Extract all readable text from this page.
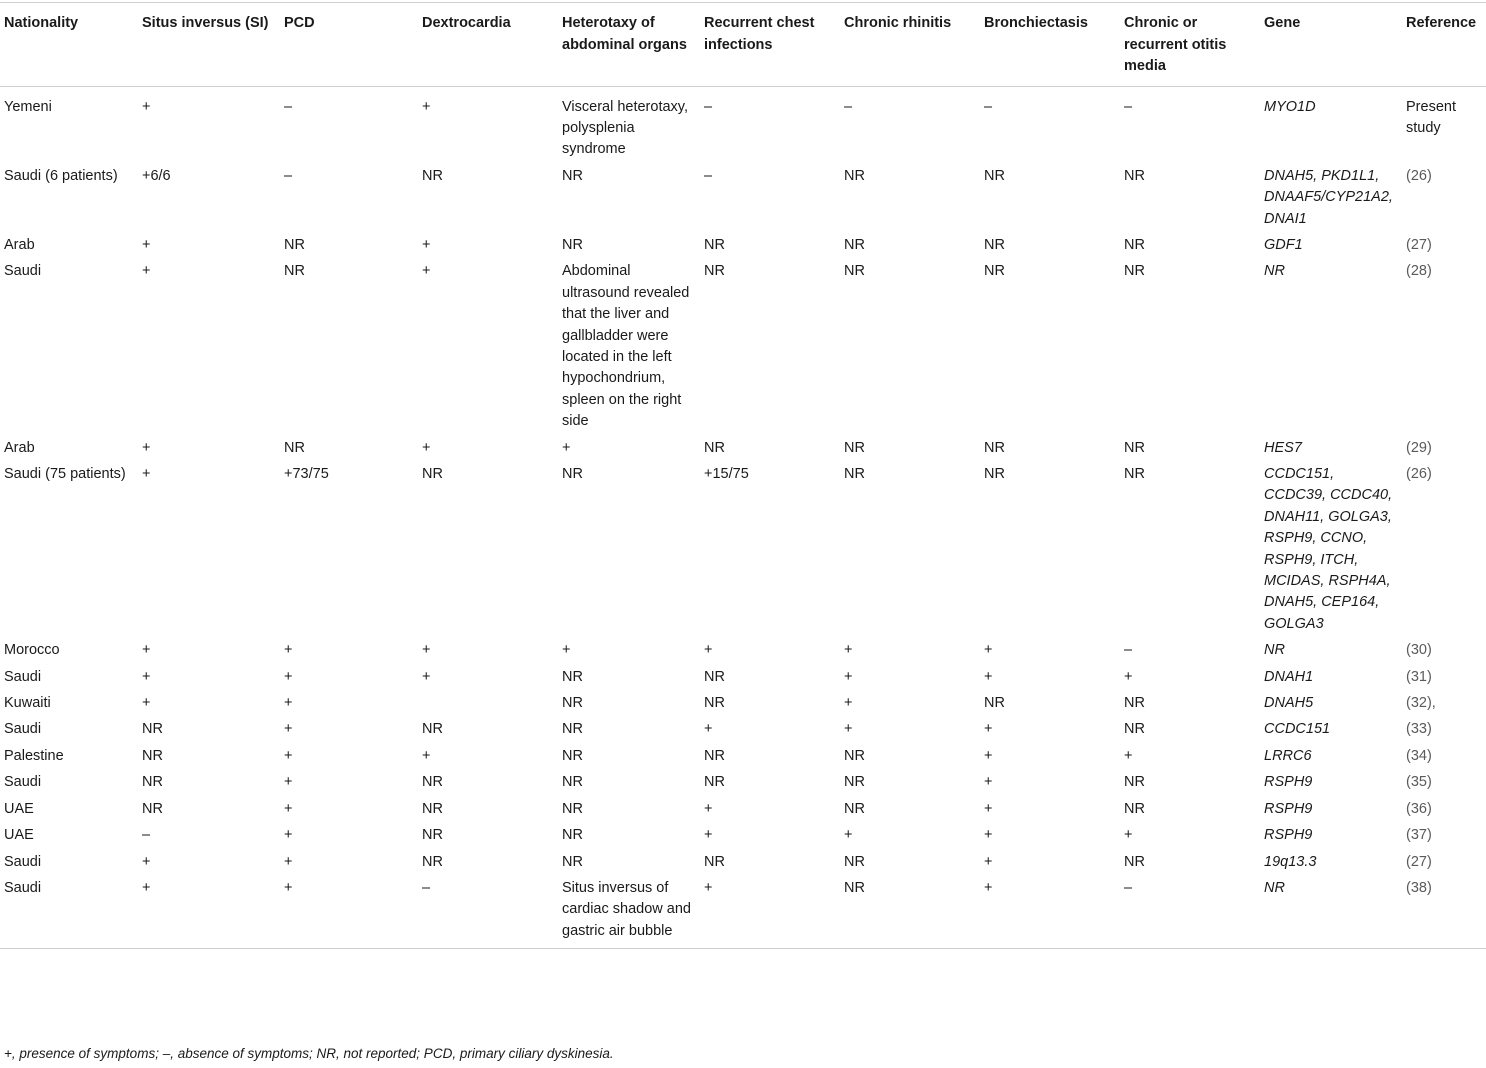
Nationality	Situs inversus (SI)	PCD	Dextrocardia	Heterotaxy of abdominal organs	Recurrent chest infections	Chronic rhinitis	Bronchiectasis	Chronic or recurrent otitis media	Gene	Reference
Yemeni	+	–	+	Visceral heterotaxy, polysplenia syndrome	–	–	–	–	MYO1D	Present study
Saudi (6 patients)	+6/6	–	NR	NR	–	NR	NR	NR	DNAH5, PKD1L1, DNAAF5/CYP21A2, DNAI1	(26)
Arab	+	NR	+	NR	NR	NR	NR	NR	GDF1	(27)
Saudi	+	NR	+	Abdominal ultrasound revealed that the liver and gallbladder were located in the left hypochondrium, spleen on the right side	NR	NR	NR	NR	NR	(28)
Arab	+	NR	+	+	NR	NR	NR	NR	HES7	(29)
Saudi (75 patients)	+	+73/75	NR	NR	+15/75	NR	NR	NR	CCDC151, CCDC39, CCDC40, DNAH11, GOLGA3, RSPH9, CCNO, RSPH9, ITCH, MCIDAS, RSPH4A, DNAH5, CEP164, GOLGA3	(26)
Morocco	+	+	+	+	+	+	+	–	NR	(30)
Saudi	+	+	+	NR	NR	+	+	+	DNAH1	(31)
Kuwaiti	+	+		NR	NR	+	NR	NR	DNAH5	(32),
Saudi	NR	+	NR	NR	+	+	+	NR	CCDC151	(33)
Palestine	NR	+	+	NR	NR	NR	+	+	LRRC6	(34)
Saudi	NR	+	NR	NR	NR	NR	+	NR	RSPH9	(35)
UAE	NR	+	NR	NR	+	NR	+	NR	RSPH9	(36)
UAE	–	+	NR	NR	+	+	+	+	RSPH9	(37)
Saudi	+	+	NR	NR	NR	NR	+	NR	19q13.3	(27)
Saudi	+	+	–	Situs inversus of cardiac shadow and gastric air bubble	+	NR	+	–	NR	(38)
+, presence of symptoms; –, absence of symptoms; NR, not reported; PCD, primary ciliary dyskinesia.
